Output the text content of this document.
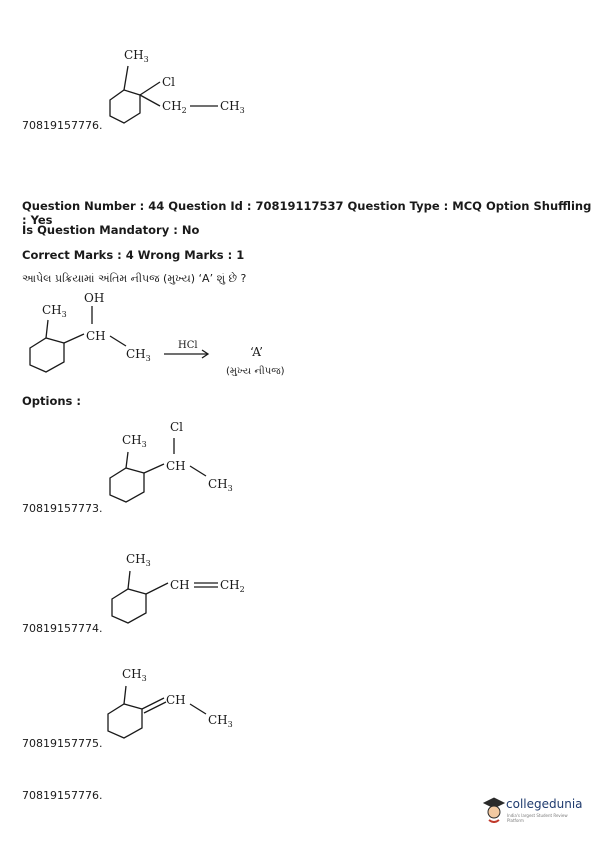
$CH_3$
Cl
$CH_2$	$CH_3$
70819157776.
Question Number : 44 Question Id : 70819117537 Question Type : MCQ Option Shuffling : Yes
Is Question Mandatory : No
Correct Marks : 4 Wrong Marks : 1
આપેલ પ્રક્રિયામાં અંતિમ નીપજ (મુખ્ય) ‘A’ શું છે ?
$CH_3$
CH
OH
$CH_3$
HCl	‘A’
(મુખ્ય નીપજ)
Options :
$CH_3$
CH
Cl
$CH_3$
70819157773.
$CH_3$
CH	$CH_2$
70819157774.
$CH_3$
CH
$CH_3$
70819157775.
70819157776.
collegedunia
India's largest Student Review Platform
